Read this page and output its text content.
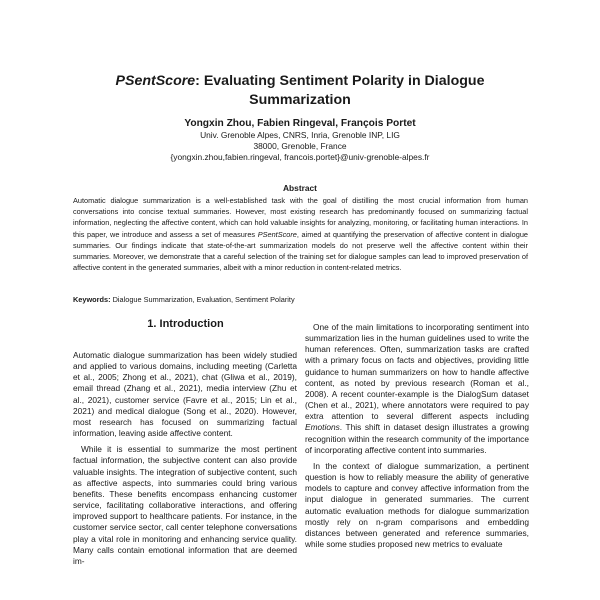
PSentScore: Evaluating Sentiment Polarity in Dialogue
Summarization
Yongxin Zhou, Fabien Ringeval, François Portet
Univ. Grenoble Alpes, CNRS, Inria, Grenoble INP, LIG
38000, Grenoble, France
{yongxin.zhou,fabien.ringeval, francois.portet}@univ-grenoble-alpes.fr
Abstract
Automatic dialogue summarization is a well-established task with the goal of distilling the most crucial information from human conversations into concise textual summaries. However, most existing research has predominantly focused on summarizing factual information, neglecting the affective content, which can hold valuable insights for analyzing, monitoring, or facilitating human interactions. In this paper, we introduce and assess a set of measures PSentScore, aimed at quantifying the preservation of affective content in dialogue summaries. Our findings indicate that state-of-the-art summarization models do not preserve well the affective content within their summaries. Moreover, we demonstrate that a careful selection of the training set for dialogue samples can lead to improved preservation of affective content in the generated summaries, albeit with a minor reduction in content-related metrics.
Keywords: Dialogue Summarization, Evaluation, Sentiment Polarity
1. Introduction

Automatic dialogue summarization has been widely studied and applied to various domains, including meeting (Carletta et al., 2005; Zhong et al., 2021), chat (Gliwa et al., 2019), email thread (Zhang et al., 2021), media interview (Zhu et al., 2021), customer service (Favre et al., 2015; Lin et al., 2021) and medical dialogue (Song et al., 2020). However, most research has focused on summarizing factual information, leaving aside affective content.

While it is essential to summarize the most pertinent factual information, the subjective content can also provide valuable insights. The integration of subjective content, such as affective aspects, into summaries could bring various benefits. These benefits encompass enhancing customer service, facilitating collaborative interactions, and offering improved support to healthcare patients. For instance, in the customer service sector, call center telephone conversations play a vital role in monitoring and enhancing service quality. Many calls contain emotional information that are deemed im-

One of the main limitations to incorporating sentiment into summarization lies in the human guidelines used to write the human references. Often, summarization tasks are crafted with a primary focus on facts and objectives, providing little guidance to human summarizers on how to handle affective content, as noted by previous research (Roman et al., 2008). A recent counter-example is the DialogSum dataset (Chen et al., 2021), where annotators were required to pay extra attention to several different aspects including Emotions. This shift in dataset design illustrates a growing recognition within the research community of the importance of incorporating affective content into summaries.

In the context of dialogue summarization, a pertinent question is how to reliably measure the ability of generative models to capture and convey affective information from the input dialogue in generated summaries. The current automatic evaluation methods for dialogue summarization mostly rely on n-gram comparisons and embedding distances between generated and reference summaries, while some studies proposed new metrics to evaluate
